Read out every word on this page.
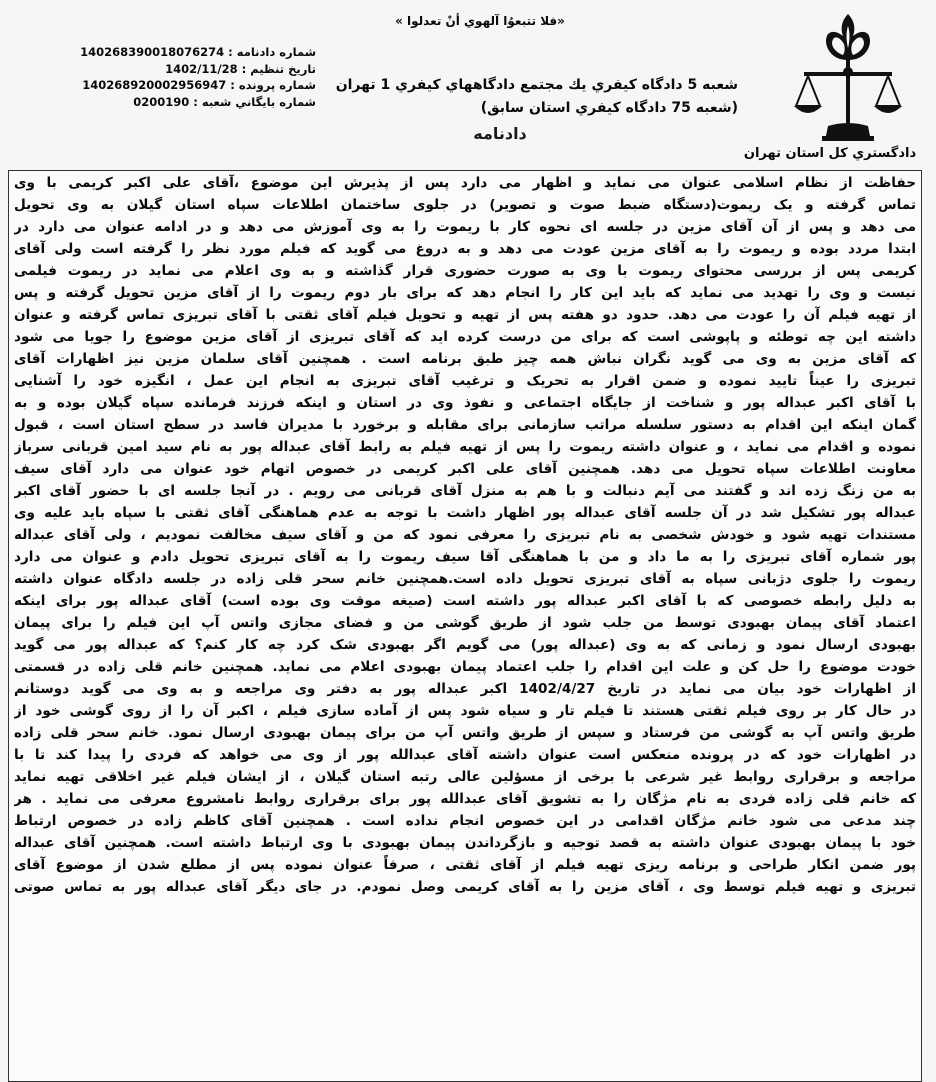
«فلا تتبعوُا آلهوي أنْ تعدلوا »
دادگستري كل استان تهران
شعبه 5 دادگاه كيفري يك مجتمع دادگاههاي كيفري 1 تهران (شعبه 75 دادگاه كيفري استان سابق)
دادنامه
شماره دادنامه :
140268390018076274
تاريخ تنظيم :
1402/11/28
شماره پرونده :
140268920002956947
شماره بايگاني شعبه :
0200190
حفاظت از نظام اسلامی عنوان می نماید و اظهار می دارد پس از پذیرش این موضوع ،آقای علی اکبر کریمی با وی
تماس گرفته و یک ریموت(دستگاه ضبط صوت و تصویر) در جلوی ساختمان اطلاعات سپاه استان گیلان به وی تحویل
می دهد و پس از آن آقای مزین در جلسه ای نحوه کار با ریموت را به وی آموزش می دهد و در ادامه عنوان می دارد در
ابتدا مردد بوده و ریموت را به آقای مزین عودت می دهد و به دروغ می گوید که فیلم مورد نظر را گرفته است ولی آقای
کریمی پس از بررسی محتوای ریموت با وی به صورت حضوری قرار گذاشته و به وی اعلام می نماید در ریموت فیلمی
نیست و وی را تهدید می نماید که باید این کار را انجام دهد که برای بار دوم ریموت را از آقای مزین تحویل گرفته و پس
از تهیه فیلم آن را عودت می دهد. حدود دو هفته پس از تهیه و تحویل فیلم آقای ثقتی با آقای تبریزی تماس گرفته و عنوان
داشته این چه توطئه و پاپوشی است که برای من درست کرده اید که آقای تبریزی از آقای مزین موضوع را جویا می شود
که آقای مزین به وی می گوید نگران نباش همه چیز طبق برنامه است . همچنین آقای سلمان مزین نیز اظهارات آقای
تبریزی را عیناً تایید نموده و ضمن اقرار به تحریک و ترغیب آقای تبریزی به انجام این عمل ، انگیزه خود را آشنایی
با آقای اکبر عبداله پور و شناخت از جایگاه اجتماعی و نفوذ وی در استان و اینکه فرزند فرمانده سپاه گیلان بوده و به
گمان اینکه این اقدام به دستور سلسله مراتب سازمانی برای مقابله و برخورد با مدیران فاسد در سطح استان است ، قبول
نموده و اقدام می نماید ، و عنوان داشته ریموت را پس از تهیه فیلم به رابط آقای عبداله پور به نام سید امین قربانی سرباز
معاونت اطلاعات سپاه تحویل می دهد. همچنین آقای علی اکبر کریمی در خصوص اتهام خود عنوان می دارد آقای سیف
به من زنگ زده اند و گفتند می آیم دنبالت و با هم به منزل آقای قربانی می رویم . در آنجا جلسه ای با حضور آقای اکبر
عبداله پور تشکیل شد در آن جلسه آقای عبداله پور اظهار داشت با توجه به عدم هماهنگی آقای ثقتی با سپاه باید علیه وی
مستندات تهیه شود و خودش شخصی به نام تبریزی را معرفی نمود که من و آقای سیف مخالفت نمودیم ، ولی آقای عبداله
پور شماره آقای تبریزی را به ما داد و من با هماهنگی آقا سیف ریموت را به آقای تبریزی تحویل دادم و عنوان می دارد
ریموت را جلوی دژبانی سپاه به آقای تبریزی تحویل داده است.همچنین خانم سحر قلی زاده در جلسه دادگاه عنوان داشته
به دلیل رابطه خصوصی که با آقای اکبر عبداله پور داشته است (صیغه موقت وی بوده است) آقای عبداله پور برای اینکه
اعتماد آقای پیمان بهبودی توسط من جلب شود از طریق گوشی من و فضای مجازی واتس آپ این فیلم را برای پیمان
بهبودی ارسال نمود و زمانی که به وی (عبداله پور) می گویم اگر بهبودی شک کرد چه کار کنم؟ که عبداله پور می گوید
خودت موضوع را حل کن و علت این اقدام را جلب اعتماد پیمان بهبودی اعلام می نماید. همچنین خانم قلی زاده در قسمتی
از اظهارات خود بیان می نماید در تاریخ 1402/4/27 اکبر عبداله پور به دفتر وی مراجعه و به وی می گوید دوستانم
در حال کار بر روی فیلم ثقتی هستند تا فیلم تار و سیاه شود پس از آماده سازی فیلم ، اکبر آن را از روی گوشی خود از
طریق واتس آپ به گوشی من فرستاد و سپس از طریق واتس آپ من برای پیمان بهبودی ارسال نمود. خانم سحر قلی زاده
در اظهارات خود که در پرونده منعکس است عنوان داشته آقای عبدالله پور از وی می خواهد که فردی را پیدا کند تا با
مراجعه و برقراری روابط غیر شرعی با برخی از مسؤلین عالی رتبه استان گیلان ، از ایشان فیلم غیر اخلاقی تهیه نماید
که خانم قلی زاده فردی به نام مژگان را به تشویق آقای عبدالله پور برای برقراری روابط نامشروع معرفی می نماید . هر
چند مدعی می شود خانم مژگان اقدامی در این خصوص انجام نداده است . همچنین آقای کاظم زاده در خصوص ارتباط
خود با پیمان بهبودی عنوان داشته به قصد توجیه و بازگرداندن پیمان بهبودی با وی ارتباط داشته است. همچنین آقای عبداله
پور ضمن انکار طراحی و برنامه ریزی تهیه فیلم از آقای ثقتی ، صرفاً عنوان نموده پس از مطلع شدن از موضوع آقای
تبریزی و تهیه فیلم توسط وی ، آقای مزین را به آقای کریمی وصل نمودم. در جای دیگر آقای عبداله پور به تماس صوتی
